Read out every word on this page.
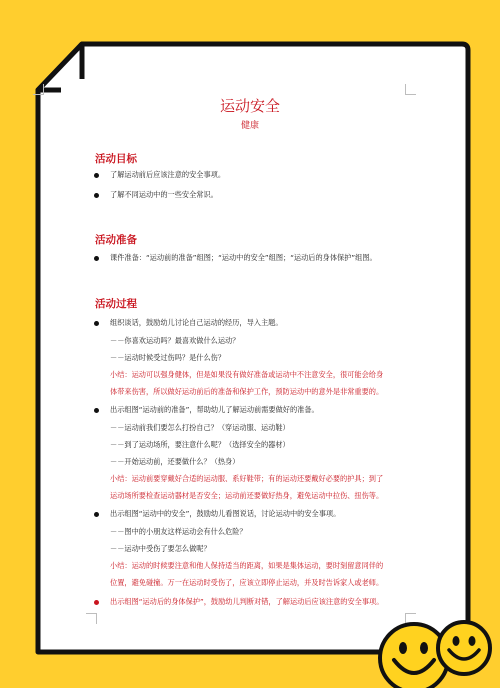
运动安全
健康
活动目标
了解运动前后应该注意的安全事项。
了解不同运动中的一些安全常识。
活动准备
课件准备：“运动前的准备”组图；“运动中的安全”组图；“运动后的身体保护”组图。
活动过程
组织谈话，鼓励幼儿讨论自己运动的经历，导入主题。
－－你喜欢运动吗？最喜欢做什么运动？
－－运动时候受过伤吗？是什么伤？
小结：运动可以强身健体，但是如果没有做好准备或运动中不注意安全，很可能会给身
体带来伤害，所以做好运动前后的准备和保护工作，预防运动中的意外是非常重要的。
出示组图“运动前的准备”，帮助幼儿了解运动前需要做好的准备。
－－运动前我们要怎么打扮自己？（穿运动服、运动鞋）
－－到了运动场所，要注意什么呢？（选择安全的器材）
－－开始运动前，还要做什么？（热身）
小结：运动前要穿戴好合适的运动服、系好鞋带；有的运动还要戴好必要的护具；到了
运动场所要检查运动器材是否安全；运动前还要做好热身，避免运动中拉伤、扭伤等。
出示组图“运动中的安全”，鼓励幼儿看图说话，讨论运动中的安全事项。
－－图中的小朋友这样运动会有什么危险？
－－运动中受伤了要怎么做呢？
小结：运动的时候要注意和他人保持适当的距离，如果是集体运动，要时刻留意同伴的
位置，避免碰撞。万一在运动时受伤了，应该立即停止运动，并及时告诉家人或老师。
出示组图“运动后的身体保护”，鼓励幼儿判断对错，了解运动后应该注意的安全事项。
